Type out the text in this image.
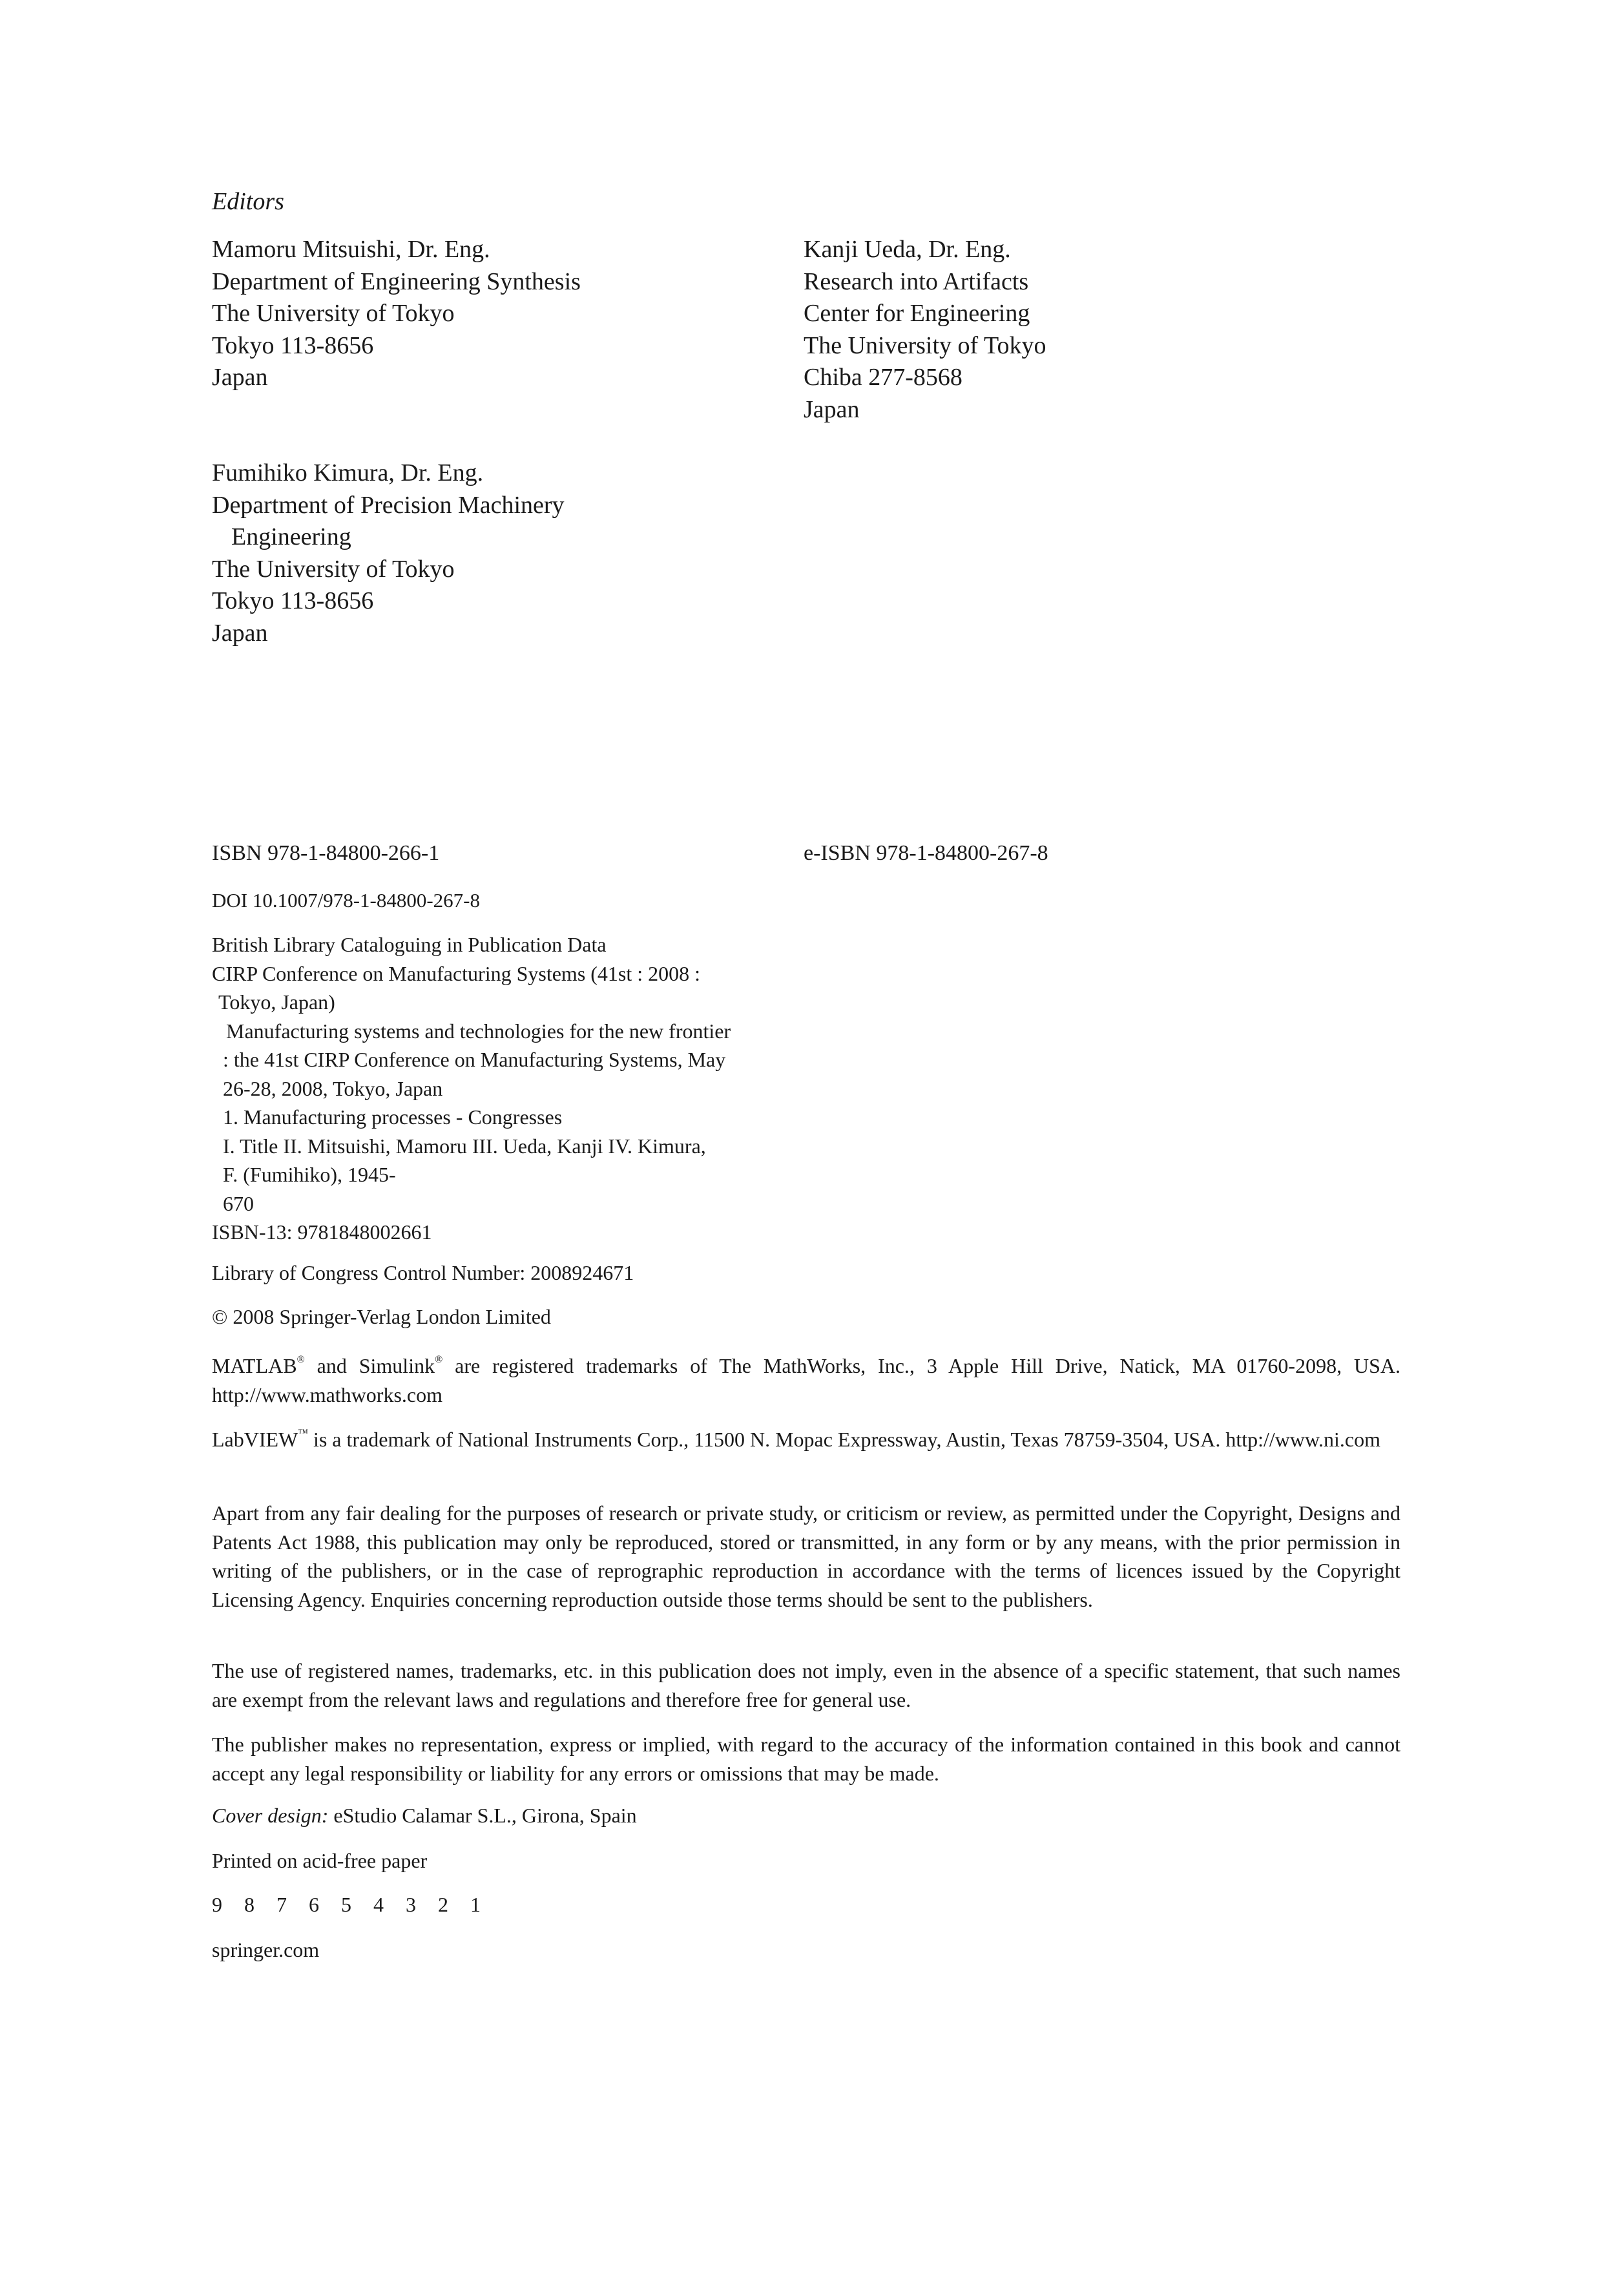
Editors
Mamoru Mitsuishi, Dr. Eng.
Department of Engineering Synthesis
The University of Tokyo
Tokyo 113-8656
Japan
Kanji Ueda, Dr. Eng.
Research into Artifacts
Center for Engineering
The University of Tokyo
Chiba 277-8568
Japan
Fumihiko Kimura, Dr. Eng.
Department of Precision Machinery
Engineering
The University of Tokyo
Tokyo 113-8656
Japan
ISBN 978-1-84800-266-1	e-ISBN 978-1-84800-267-8
DOI 10.1007/978-1-84800-267-8
British Library Cataloguing in Publication Data
CIRP Conference on Manufacturing Systems (41st : 2008 :
Tokyo, Japan)
Manufacturing systems and technologies for the new frontier
: the 41st CIRP Conference on Manufacturing Systems, May
26-28, 2008, Tokyo, Japan
1. Manufacturing processes - Congresses
I. Title II. Mitsuishi, Mamoru III. Ueda, Kanji IV. Kimura,
F. (Fumihiko), 1945-
670
ISBN-13: 9781848002661
Library of Congress Control Number: 2008924671
© 2008 Springer-Verlag London Limited

MATLAB® and Simulink® are registered trademarks of The MathWorks, Inc., 3 Apple Hill Drive, Natick, MA 01760-2098, USA. http://www.mathworks.com

LabVIEW™ is a trademark of National Instruments Corp., 11500 N. Mopac Expressway, Austin, Texas 78759-3504, USA. http://www.ni.com

Apart from any fair dealing for the purposes of research or private study, or criticism or review, as permitted under the Copyright, Designs and Patents Act 1988, this publication may only be reproduced, stored or transmitted, in any form or by any means, with the prior permission in writing of the publishers, or in the case of reprographic reproduction in accordance with the terms of licences issued by the Copyright Licensing Agency. Enquiries concerning reproduction outside those terms should be sent to the publishers.

The use of registered names, trademarks, etc. in this publication does not imply, even in the absence of a specific statement, that such names are exempt from the relevant laws and regulations and therefore free for general use.

The publisher makes no representation, express or implied, with regard to the accuracy of the information contained in this book and cannot accept any legal responsibility or liability for any errors or omissions that may be made.

Cover design: eStudio Calamar S.L., Girona, Spain
Printed on acid-free paper
9 8 7 6 5 4 3 2 1
springer.com
